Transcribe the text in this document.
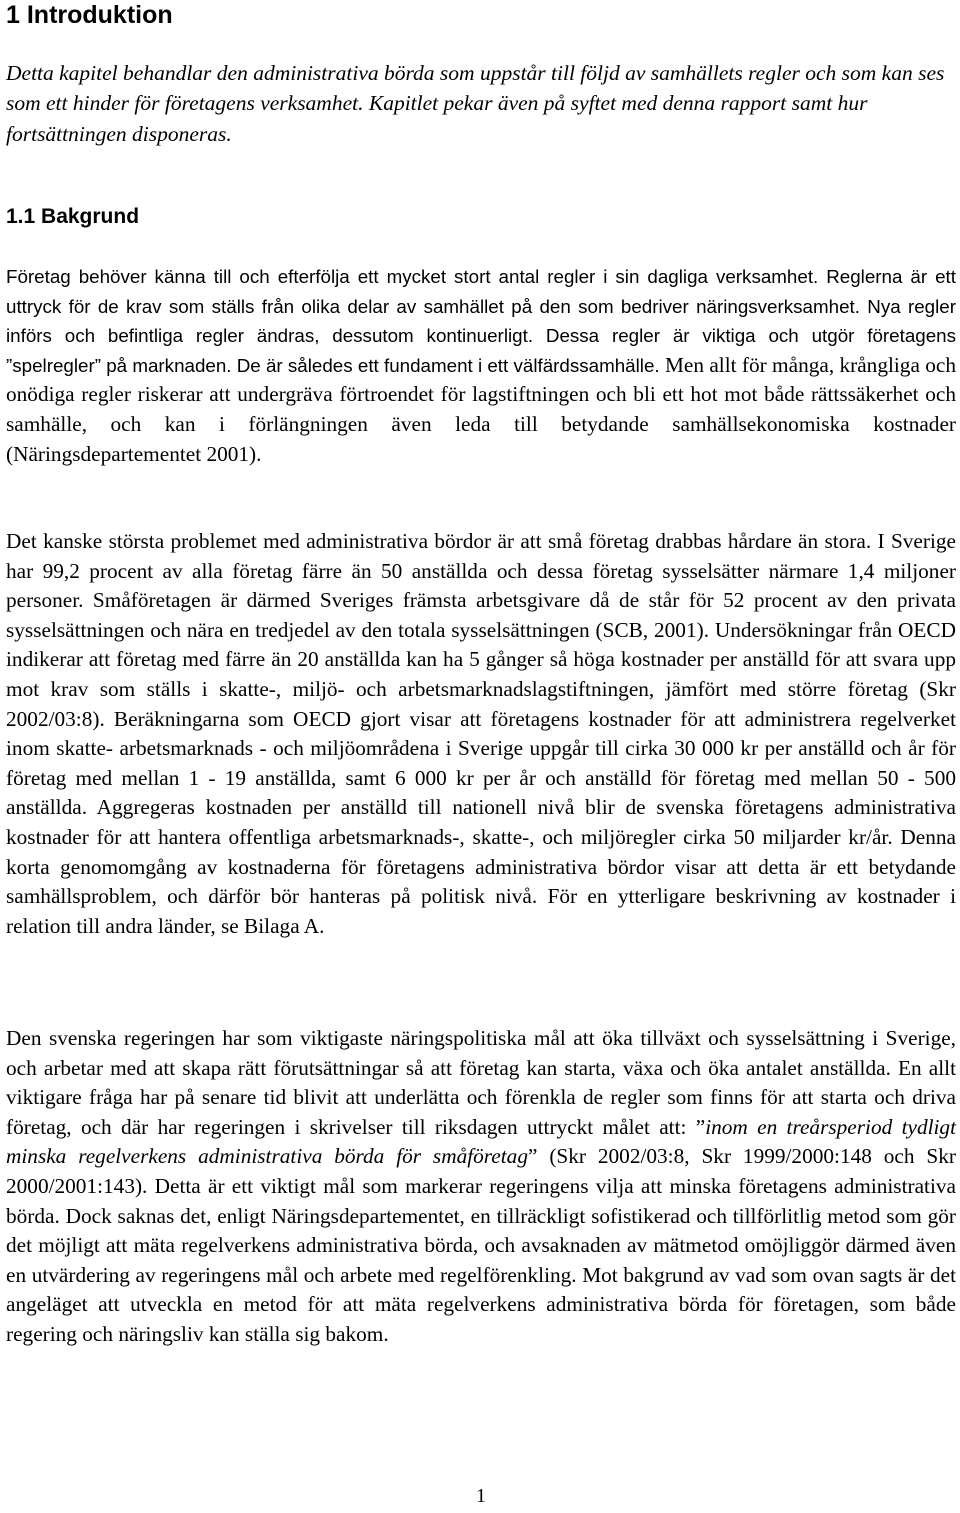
1 Introduktion

Detta kapitel behandlar den administrativa börda som uppstår till följd av samhällets regler och som kan ses som ett hinder för företagens verksamhet. Kapitlet pekar även på syftet med denna rapport samt hur fortsättningen disponeras.

1.1 Bakgrund

Företag behöver känna till och efterfölja ett mycket stort antal regler i sin dagliga verksamhet. Reglerna är ett uttryck för de krav som ställs från olika delar av samhället på den som bedriver näringsverksamhet. Nya regler införs och befintliga regler ändras, dessutom kontinuerligt. Dessa regler är viktiga och utgör företagens ”spelregler” på marknaden. De är således ett fundament i ett välfärdssamhälle. Men allt för många, krångliga och onödiga regler riskerar att undergräva förtroendet för lagstiftningen och bli ett hot mot både rättssäkerhet och samhälle, och kan i förlängningen även leda till betydande samhällsekonomiska kostnader (Näringsdepartementet 2001).

Det kanske största problemet med administrativa bördor är att små företag drabbas hårdare än stora. I Sverige har 99,2 procent av alla företag färre än 50 anställda och dessa företag sysselsätter närmare 1,4 miljoner personer. Småföretagen är därmed Sveriges främsta arbetsgivare då de står för 52 procent av den privata sysselsättningen och nära en tredjedel av den totala sysselsättningen (SCB, 2001). Undersökningar från OECD indikerar att företag med färre än 20 anställda kan ha 5 gånger så höga kostnader per anställd för att svara upp mot krav som ställs i skatte-, miljö- och arbetsmarknadslagstiftningen, jämfört med större företag (Skr 2002/03:8). Beräkningarna som OECD gjort visar att företagens kostnader för att administrera regelverket inom skatte- arbetsmarknads - och miljöområdena i Sverige uppgår till cirka 30 000 kr per anställd och år för företag med mellan 1 - 19 anställda, samt 6 000 kr per år och anställd för företag med mellan 50 - 500 anställda. Aggregeras kostnaden per anställd till nationell nivå blir de svenska företagens administrativa kostnader för att hantera offentliga arbetsmarknads-, skatte-, och miljöregler cirka 50 miljarder kr/år. Denna korta genomomgång av kostnaderna för företagens administrativa bördor visar att detta är ett betydande samhällsproblem, och därför bör hanteras på politisk nivå. För en ytterligare beskrivning av kostnader i relation till andra länder, se Bilaga A.

Den svenska regeringen har som viktigaste näringspolitiska mål att öka tillväxt och sysselsättning i Sverige, och arbetar med att skapa rätt förutsättningar så att företag kan starta, växa och öka antalet anställda. En allt viktigare fråga har på senare tid blivit att underlätta och förenkla de regler som finns för att starta och driva företag, och där har regeringen i skrivelser till riksdagen uttryckt målet att: ”inom en treårsperiod tydligt minska regelverkens administrativa börda för småföretag” (Skr 2002/03:8, Skr 1999/2000:148 och Skr 2000/2001:143). Detta är ett viktigt mål som markerar regeringens vilja att minska företagens administrativa börda. Dock saknas det, enligt Näringsdepartementet, en tillräckligt sofistikerad och tillförlitlig metod som gör det möjligt att mäta regelverkens administrativa börda, och avsaknaden av mätmetod omöjliggör därmed även en utvärdering av regeringens mål och arbete med regelförenkling. Mot bakgrund av vad som ovan sagts är det angeläget att utveckla en metod för att mäta regelverkens administrativa börda för företagen, som både regering och näringsliv kan ställa sig bakom.

1
